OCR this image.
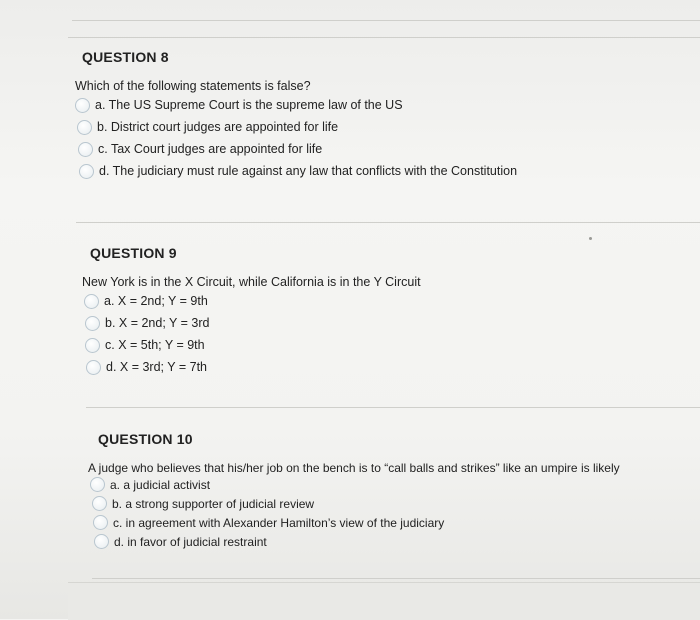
QUESTION 8
Which of the following statements is false?
a. The US Supreme Court is the supreme law of the US
b. District court judges are appointed for life
c. Tax Court judges are appointed for life
d. The judiciary must rule against any law that conflicts with the Constitution
QUESTION 9
New York is in the X Circuit, while California is in the Y Circuit
a. X = 2nd; Y = 9th
b. X = 2nd; Y = 3rd
c. X = 5th; Y = 9th
d. X = 3rd; Y = 7th
QUESTION 10
A judge who believes that his/her job on the bench is to “call balls and strikes” like an umpire is likely
a. a judicial activist
b. a strong supporter of judicial review
c. in agreement with Alexander Hamilton’s view of the judiciary
d. in favor of judicial restraint
